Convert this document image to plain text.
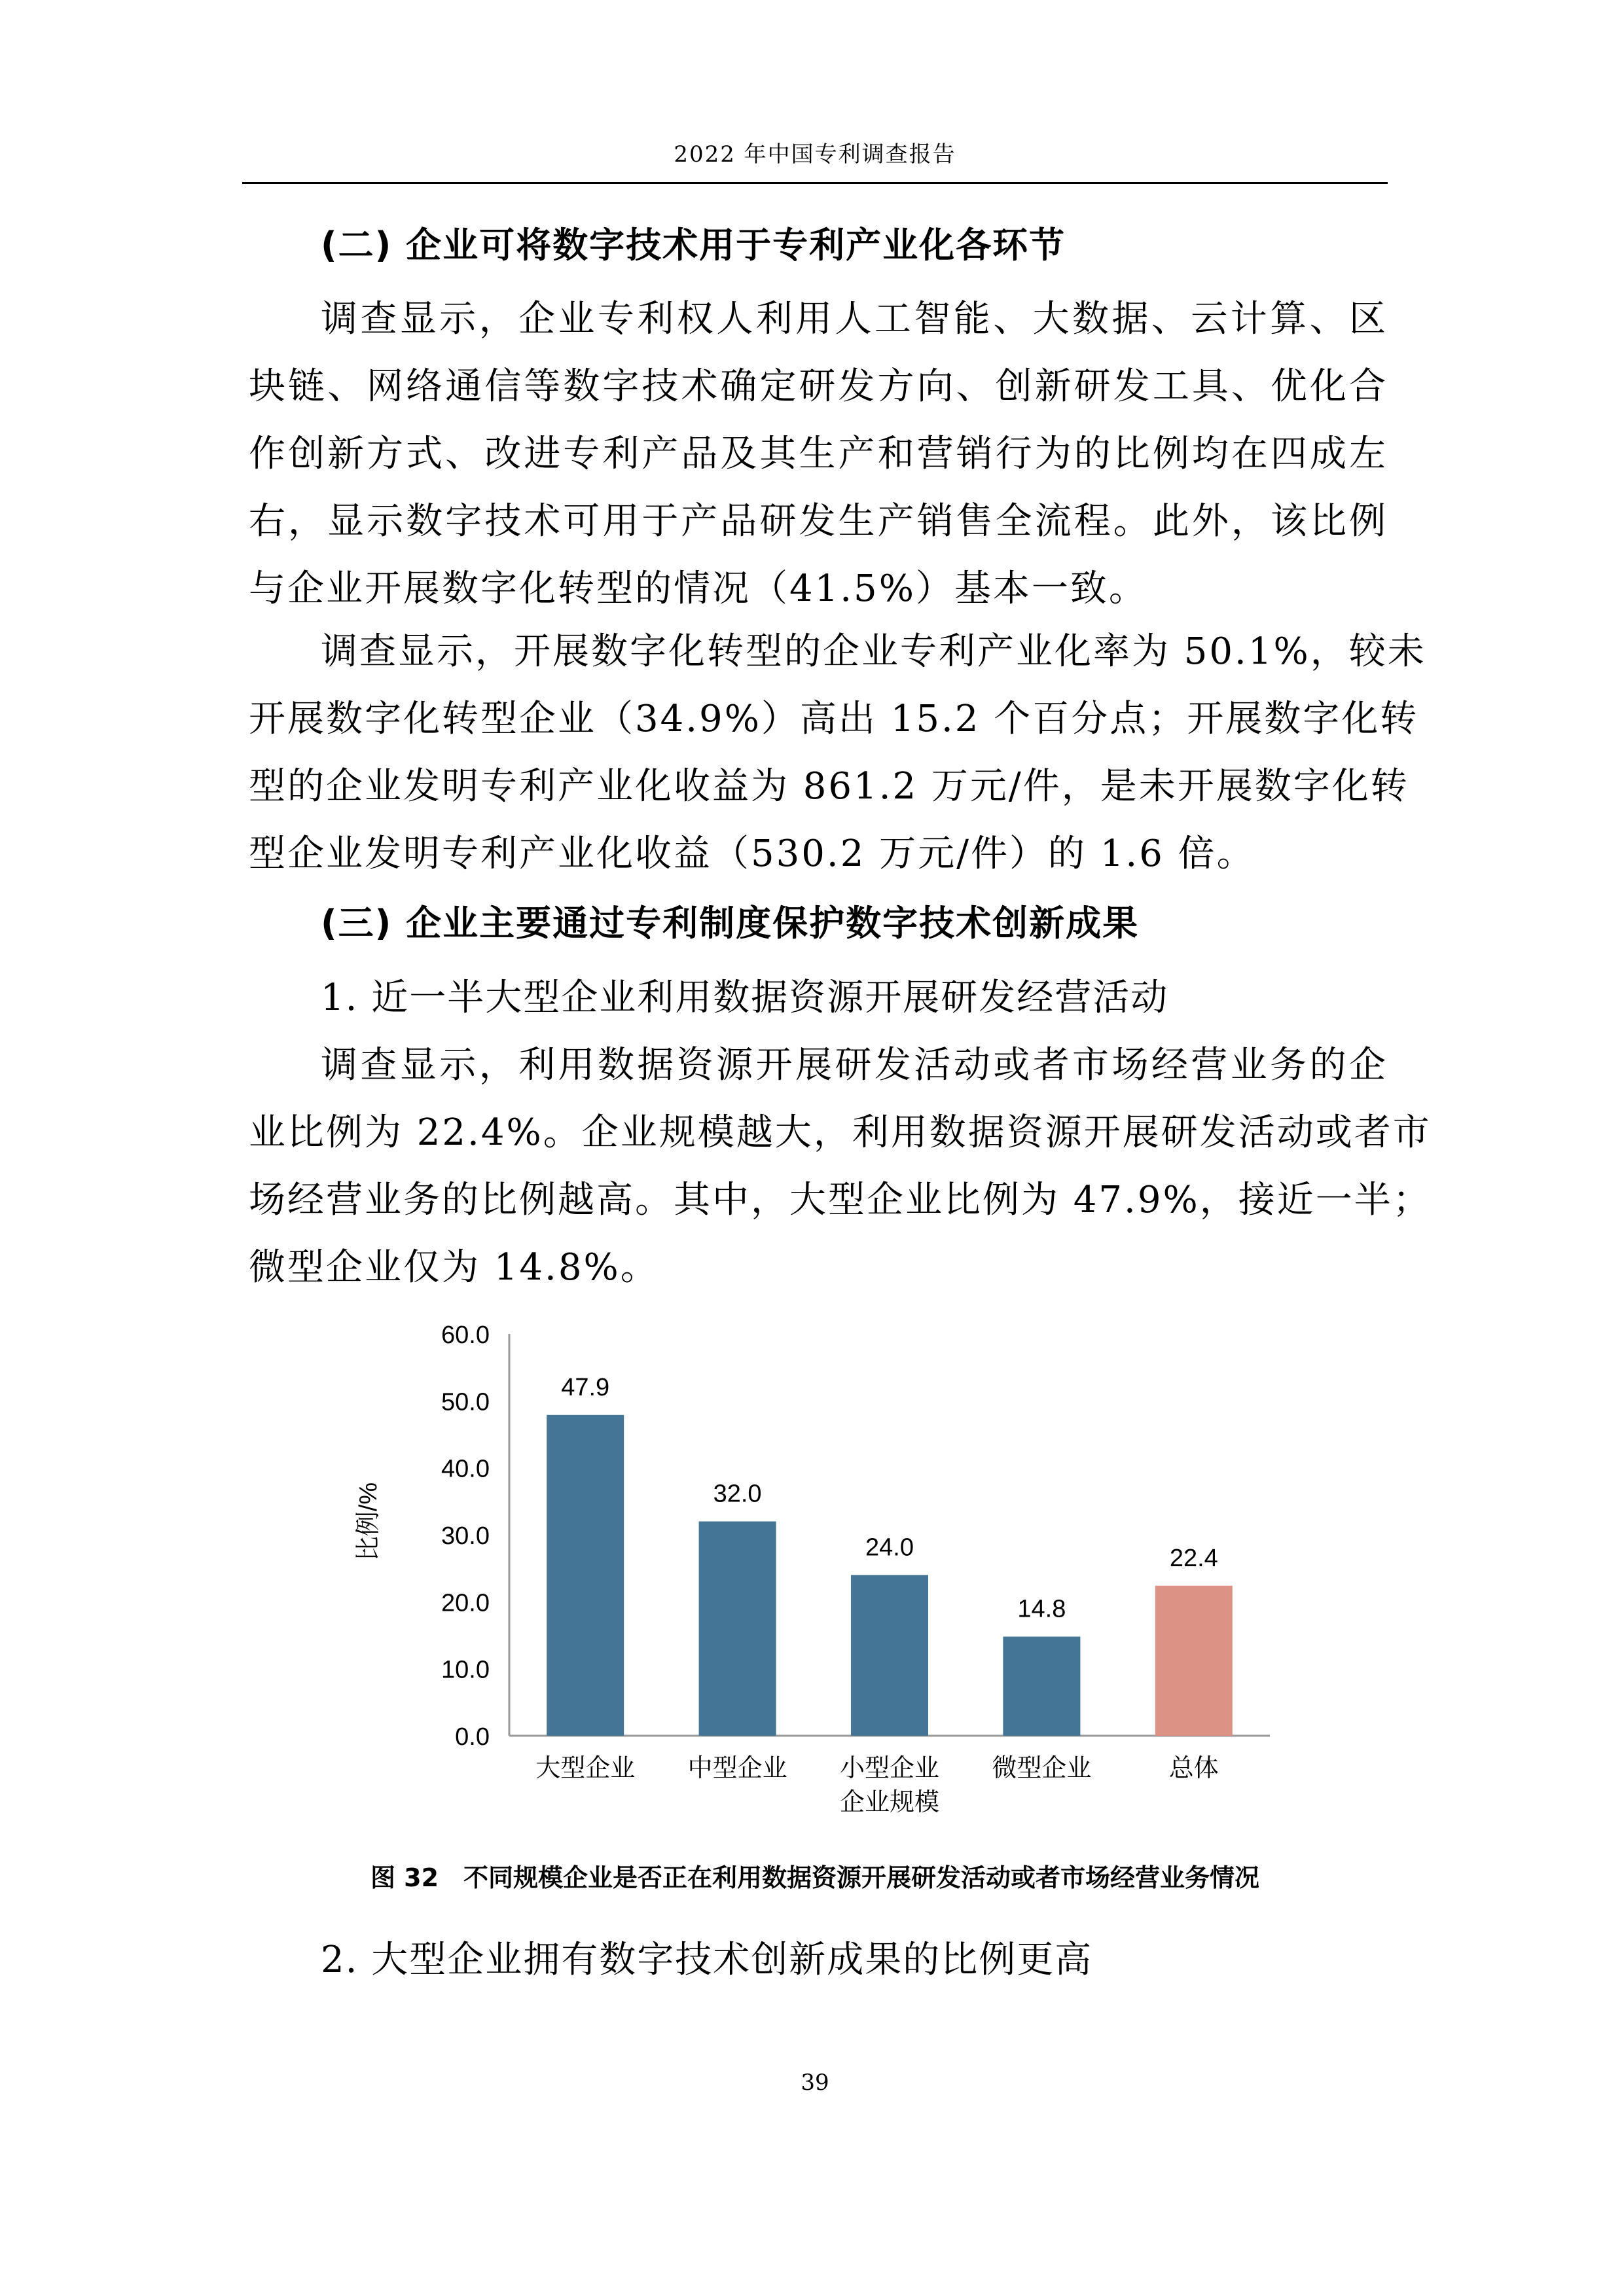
2022 年中国专利调查报告
(二) 企业可将数字技术用于专利产业化各环节
调查显示，企业专利权人利用人工智能、大数据、云计算、区
块链、网络通信等数字技术确定研发方向、创新研发工具、优化合
作创新方式、改进专利产品及其生产和营销行为的比例均在四成左
右，显示数字技术可用于产品研发生产销售全流程。此外，该比例
与企业开展数字化转型的情况（41.5%）基本一致。
调查显示，开展数字化转型的企业专利产业化率为 50.1%，较未
开展数字化转型企业（34.9%）高出 15.2 个百分点；开展数字化转
型的企业发明专利产业化收益为 861.2 万元/件，是未开展数字化转
型企业发明专利产业化收益（530.2 万元/件）的 1.6 倍。
(三) 企业主要通过专利制度保护数字技术创新成果
1. 近一半大型企业利用数据资源开展研发经营活动
调查显示，利用数据资源开展研发活动或者市场经营业务的企
业比例为 22.4%。企业规模越大，利用数据资源开展研发活动或者市
场经营业务的比例越高。其中，大型企业比例为 47.9%，接近一半；
微型企业仅为 14.8%。
0.0
10.0
20.0
30.0
40.0
50.0
60.0
比例/%
47.9
大型企业
32.0
中型企业
24.0
小型企业
14.8
微型企业
22.4
总体
企业规模
图 32　不同规模企业是否正在利用数据资源开展研发活动或者市场经营业务情况
2. 大型企业拥有数字技术创新成果的比例更高
39
